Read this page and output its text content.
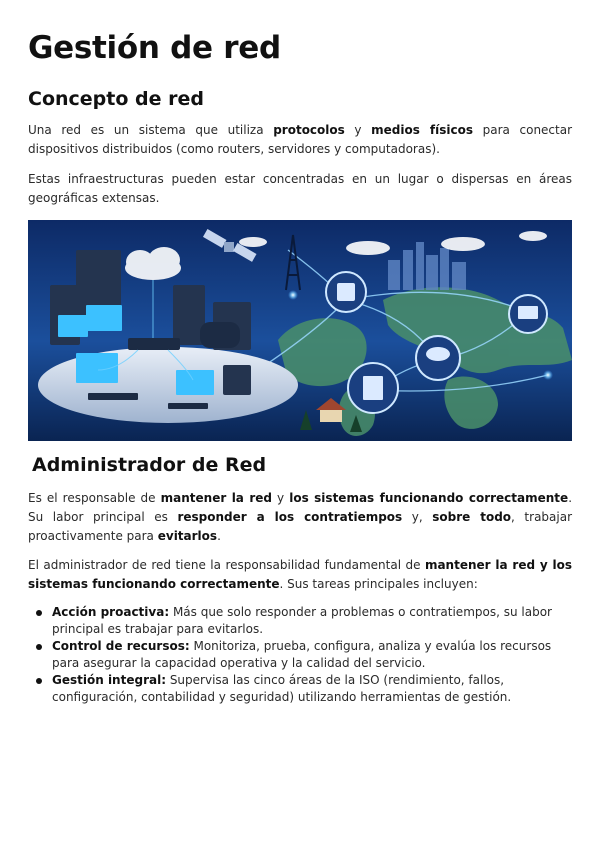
Gestión de red
Concepto de red

Una red es un sistema que utiliza protocolos y medios físicos para conectar dispositivos distribuidos (como routers, servidores y computadoras).

Estas infraestructuras pueden estar concentradas en un lugar o dispersas en áreas geográficas extensas.

Administrador de Red

Es el responsable de mantener la red y los sistemas funcionando correctamente. Su labor principal es responder a los contratiempos y, sobre todo, trabajar proactivamente para evitarlos.

El administrador de red tiene la responsabilidad fundamental de mantener la red y los sistemas funcionando correctamente. Sus tareas principales incluyen:

Acción proactiva: Más que solo responder a problemas o contratiempos, su labor principal es trabajar para evitarlos.
Control de recursos: Monitoriza, prueba, configura, analiza y evalúa los recursos para asegurar la capacidad operativa y la calidad del servicio.
Gestión integral: Supervisa las cinco áreas de la ISO (rendimiento, fallos, configuración, contabilidad y seguridad) utilizando herramientas de gestión.
